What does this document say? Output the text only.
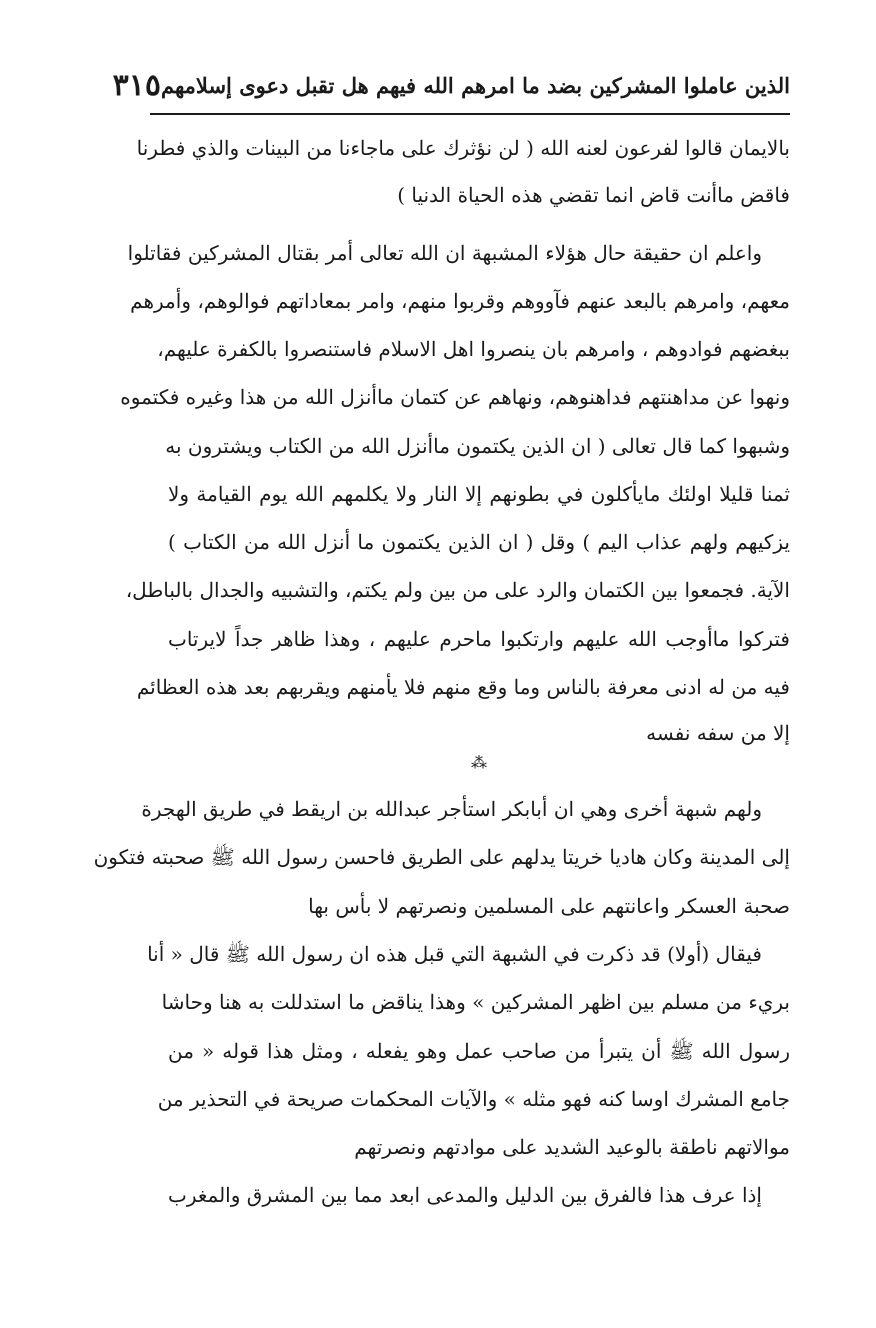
الذين عاملوا المشركين بضد ما امرهم الله فيهم هل تقبل دعوى إسلامهم
٣١٥
بالايمان قالوا لفرعون لعنه الله ( لن نؤثرك على ماجاءنا من البينات والذي فطرنا
فاقض ماأنت قاض انما تقضي هذه الحياة الدنيا )
واعلم ان حقيقة حال هؤلاء المشبهة ان الله تعالى أمر بقتال المشركين فقاتلوا
معهم، وامرهم بالبعد عنهم فآووهم وقربوا منهم، وامر بمعاداتهم فوالوهم، وأمرهم
ببغضهم فوادوهم ، وامرهم بان ينصروا اهل الاسلام فاستنصروا بالكفرة عليهم،
ونهوا عن مداهنتهم فداهنوهم، ونهاهم عن كتمان ماأنزل الله من هذا وغيره فكتموه
وشبهوا كما قال تعالى ( ان الذين يكتمون ماأنزل الله من الكتاب ويشترون به
ثمنا قليلا اولئك مايأكلون في بطونهم إلا النار ولا يكلمهم الله يوم القيامة ولا
يزكيهم ولهم عذاب اليم ) وقل ( ان الذين يكتمون ما أنزل الله من الكتاب )
الآية. فجمعوا بين الكتمان والرد على من بين ولم يكتم، والتشبيه والجدال بالباطل،
فتركوا ماأوجب الله عليهم وارتكبوا ماحرم عليهم ، وهذا ظاهر جداً لايرتاب
فيه من له ادنى معرفة بالناس وما وقع منهم فلا يأمنهم ويقربهم بعد هذه العظائم
إلا من سفه نفسه
⁂
ولهم شبهة أخرى وهي ان أبابكر استأجر عبدالله بن اريقط في طريق الهجرة
إلى المدينة وكان هاديا خريتا يدلهم على الطريق فاحسن رسول الله ﷺ صحبته فتكون
صحبة العسكر واعانتهم على المسلمين ونصرتهم لا بأس بها
فيقال (أولا) قد ذكرت في الشبهة التي قبل هذه ان رسول الله ﷺ قال « أنا
بريء من مسلم بين اظهر المشركين » وهذا يناقض ما استدللت به هنا وحاشا
رسول الله ﷺ أن يتبرأ من صاحب عمل وهو يفعله ، ومثل هذا قوله « من
جامع المشرك اوسا كنه فهو مثله » والآيات المحكمات صريحة في التحذير من
موالاتهم ناطقة بالوعيد الشديد على موادتهم ونصرتهم
إذا عرف هذا فالفرق بين الدليل والمدعى ابعد مما بين المشرق والمغرب
